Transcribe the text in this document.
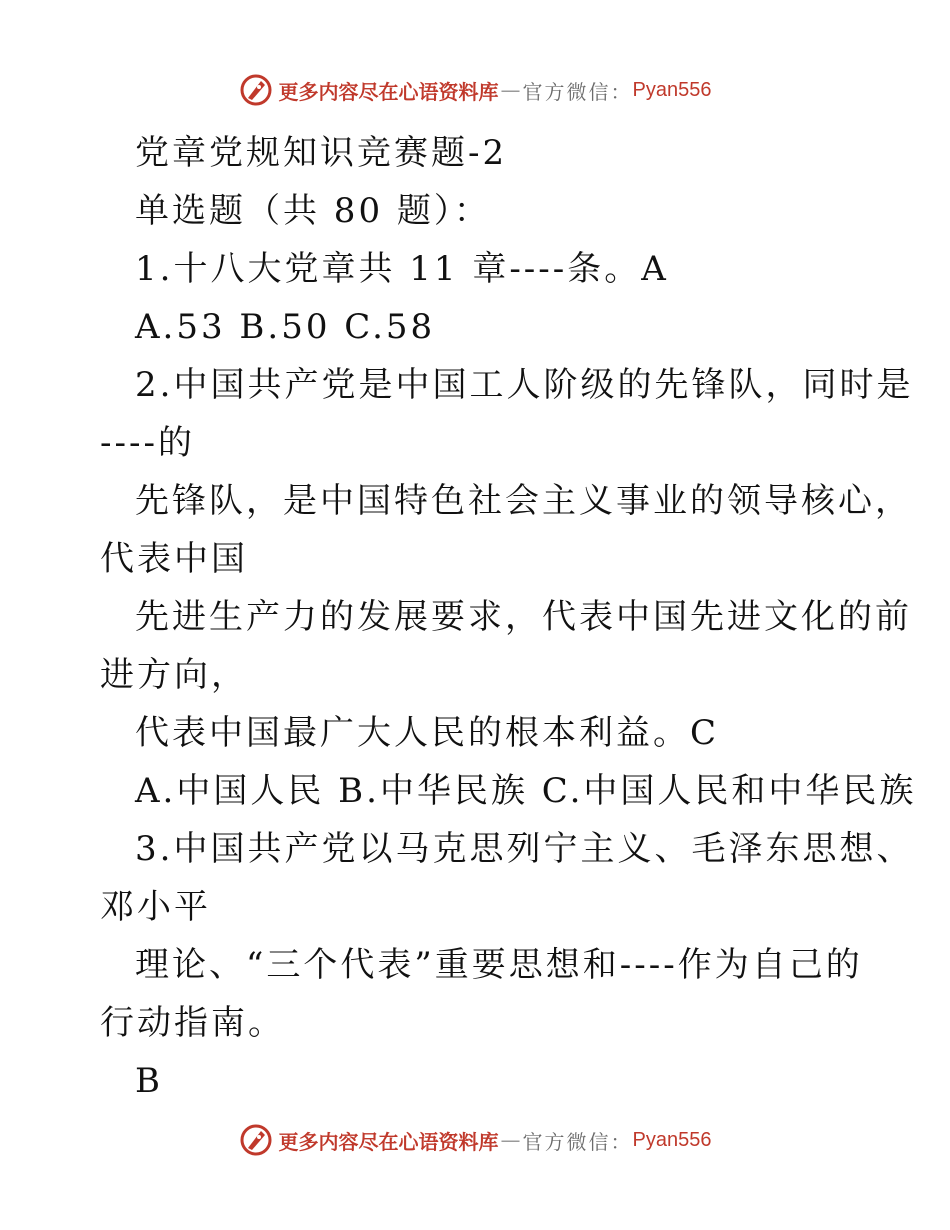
更多内容尽在心语资料库 — 官方微信： Pyan556
党章党规知识竞赛题-2
单选题（共 80 题）：
1.十八大党章共 11 章----条。A
A.53 B.50 C.58
2.中国共产党是中国工人阶级的先锋队，同时是
----的
先锋队，是中国特色社会主义事业的领导核心，
代表中国
先进生产力的发展要求，代表中国先进文化的前
进方向，
代表中国最广大人民的根本利益。C
A.中国人民 B.中华民族 C.中国人民和中华民族
3.中国共产党以马克思列宁主义、毛泽东思想、
邓小平
理论、“三个代表”重要思想和----作为自己的
行动指南。
B
更多内容尽在心语资料库 — 官方微信： Pyan556
